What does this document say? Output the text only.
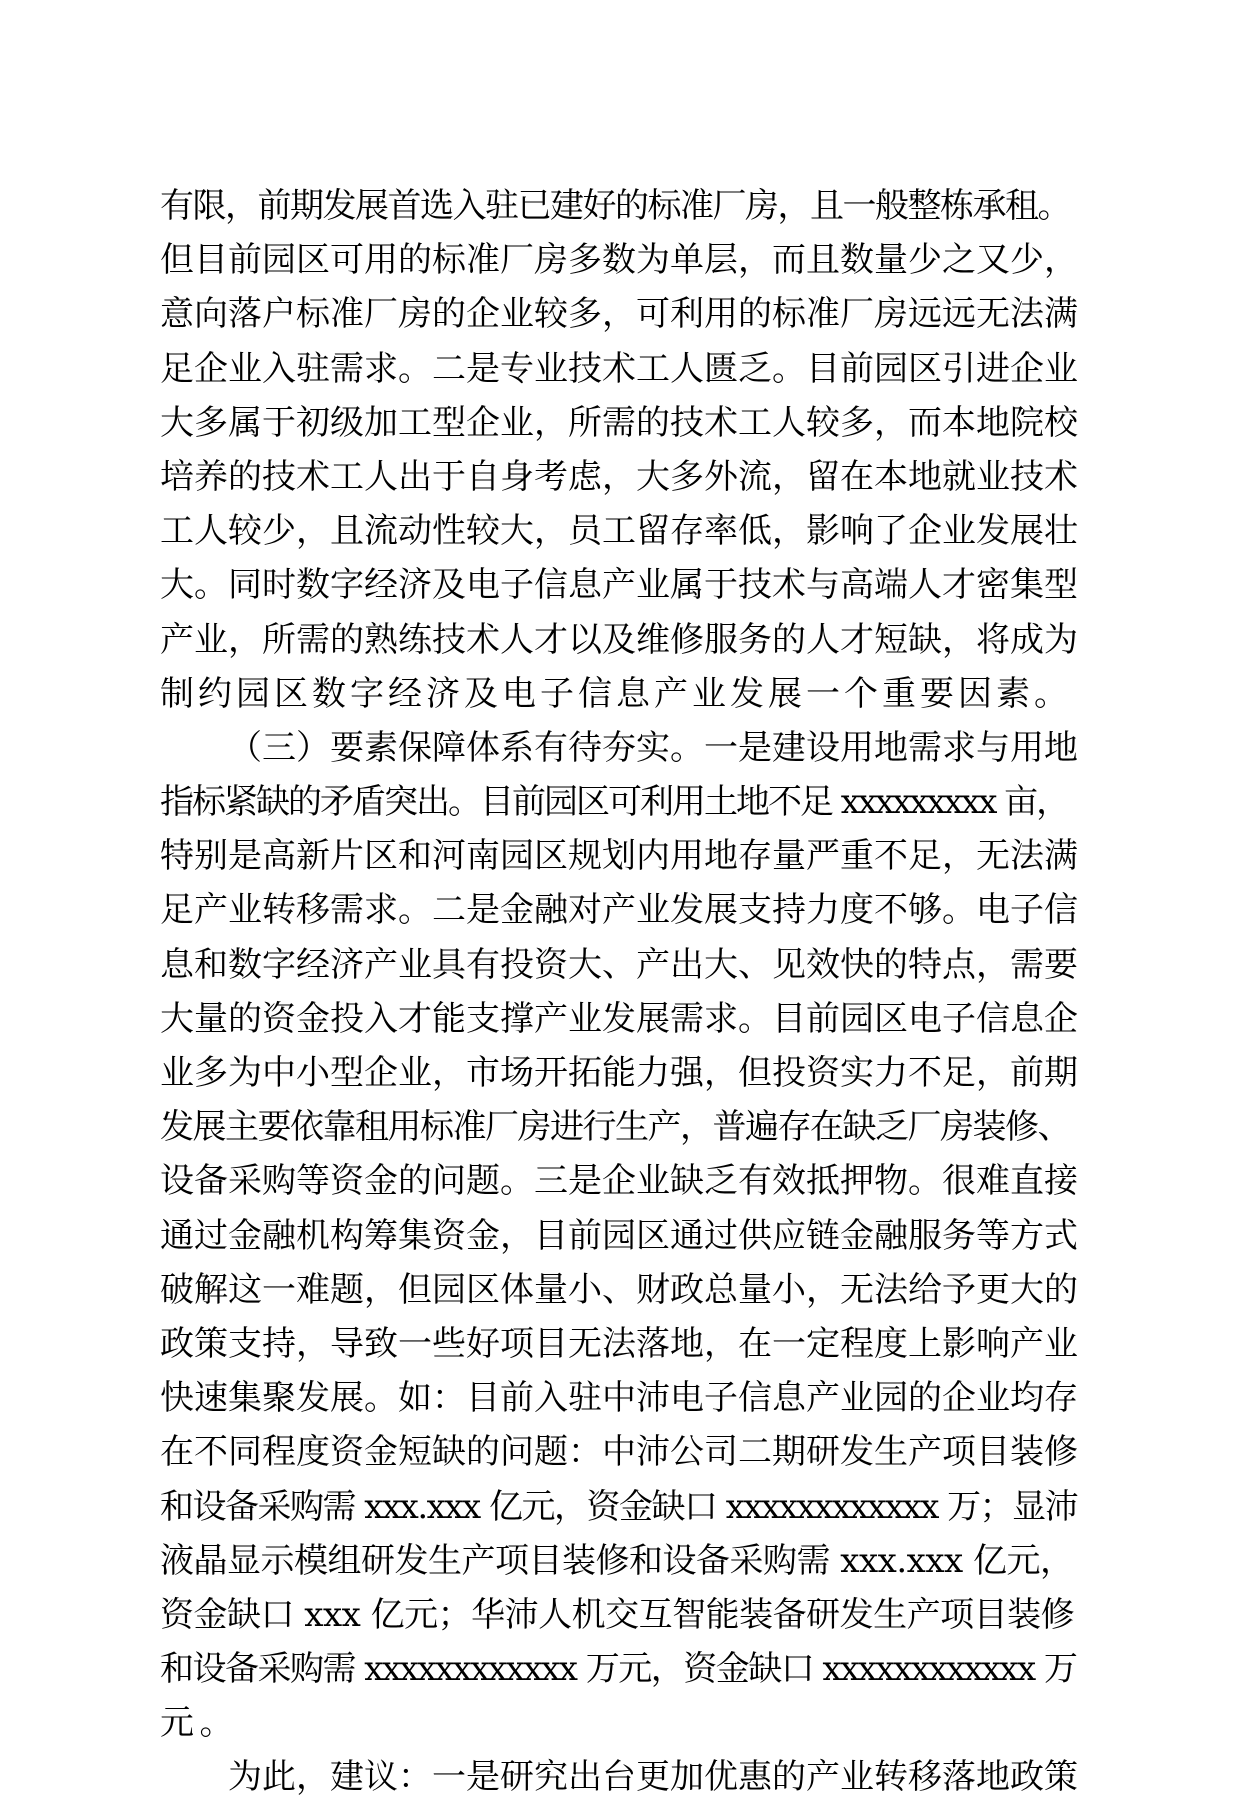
有限，前期发展首选入驻已建好的标准厂房，且一般整栋承租。
但目前园区可用的标准厂房多数为单层，而且数量少之又少，
意向落户标准厂房的企业较多，可利用的标准厂房远远无法满
足企业入驻需求。二是专业技术工人匮乏。目前园区引进企业
大多属于初级加工型企业，所需的技术工人较多，而本地院校
培养的技术工人出于自身考虑，大多外流，留在本地就业技术
工人较少，且流动性较大，员工留存率低，影响了企业发展壮
大。同时数字经济及电子信息产业属于技术与高端人才密集型
产业，所需的熟练技术人才以及维修服务的人才短缺，将成为
制约园区数字经济及电子信息产业发展一个重要因素。
（三）要素保障体系有待夯实。一是建设用地需求与用地
指标紧缺的矛盾突出。目前园区可利用土地不足 xxxxxxxxx 亩，
特别是高新片区和河南园区规划内用地存量严重不足，无法满
足产业转移需求。二是金融对产业发展支持力度不够。电子信
息和数字经济产业具有投资大、产出大、见效快的特点，需要
大量的资金投入才能支撑产业发展需求。目前园区电子信息企
业多为中小型企业，市场开拓能力强，但投资实力不足，前期
发展主要依靠租用标准厂房进行生产，普遍存在缺乏厂房装修、
设备采购等资金的问题。三是企业缺乏有效抵押物。很难直接
通过金融机构筹集资金，目前园区通过供应链金融服务等方式
破解这一难题，但园区体量小、财政总量小，无法给予更大的
政策支持，导致一些好项目无法落地，在一定程度上影响产业
快速集聚发展。如：目前入驻中沛电子信息产业园的企业均存
在不同程度资金短缺的问题：中沛公司二期研发生产项目装修
和设备采购需 xxx.xxx 亿元，资金缺口 xxxxxxxxxxxx 万；显沛
液晶显示模组研发生产项目装修和设备采购需 xxx.xxx 亿元，
资金缺口 xxx 亿元；华沛人机交互智能装备研发生产项目装修
和设备采购需 xxxxxxxxxxxx 万元，资金缺口 xxxxxxxxxxxx 万
元。
为此，建议：一是研究出台更加优惠的产业转移落地政策
